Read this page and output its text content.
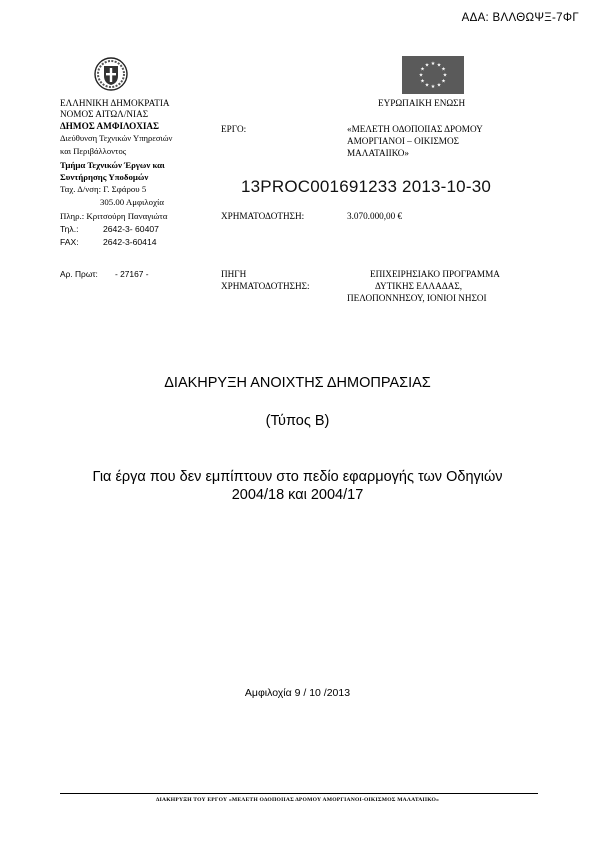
ΑΔΑ: ΒΛΛΘΩΨΞ-7ΦΓ
★ ★
★
★
★
★
★
★
★
★
★
★
ΕΛΛΗΝΙΚΗ ΔΗΜΟΚΡΑΤΙΑ
ΝΟΜΟΣ ΑΙΤΩΛ/ΝΙΑΣ
ΔΗΜΟΣ ΑΜΦΙΛΟΧΙΑΣ
Διεύθυνση Τεχνικών Υπηρεσιών
και Περιβάλλοντος
Τμήμα Τεχνικών Έργων και
Συντήρησης Υποδομών
Ταχ. Δ/νση: Γ. Σφάρου 5
305.00 Αμφιλοχία
Πληρ.: Κριτσούρη Παναγιώτα
Τηλ.:	2642-3- 60407
FAX:	2642-3-60414
Αρ. Πρωτ: - 27167 -
ΕΥΡΩΠΑΙΚΗ ΕΝΩΣΗ
ΕΡΓΟ:	«ΜΕΛΕΤΗ ΟΔΟΠΟΙΙΑΣ ΔΡΟΜΟΥ
ΑΜΟΡΓΙΑΝΟΙ – ΟΙΚΙΣΜΟΣ
ΜΑΛΑΤΑΙΙΚΟ»
13PROC001691233 2013-10-30
ΧΡΗΜΑΤΟΔΟΤΗΣΗ:	3.070.000,00 €
ΠΗΓΗ
ΧΡΗΜΑΤΟΔΟΤΗΣΗΣ:
ΕΠΙΧΕΙΡΗΣΙΑΚΟ ΠΡΟΓΡΑΜΜΑ
ΔΥΤΙΚΗΣ ΕΛΛΑΔΑΣ,
ΠΕΛΟΠΟΝΝΗΣΟΥ, ΙΟΝΙΟΙ ΝΗΣΟΙ
ΔΙΑΚΗΡΥΞΗ ΑΝΟΙΧΤΗΣ ΔΗΜΟΠΡΑΣΙΑΣ
(Τύπος Β)
Για έργα που δεν εμπίπτουν στο πεδίο εφαρμογής των Οδηγιών
2004/18 και 2004/17
Αμφιλοχία 9 / 10 /2013
ΔΙΑΚΗΡΥΞΗ ΤΟΥ ΕΡΓΟΥ «ΜΕΛΕΤΗ ΟΔΟΠΟΙΙΑΣ ΔΡΟΜΟΥ ΑΜΟΡΓΙΑΝΟΙ-ΟΙΚΙΣΜΟΣ ΜΑΛΑΤΑΙΙΚΟ»
